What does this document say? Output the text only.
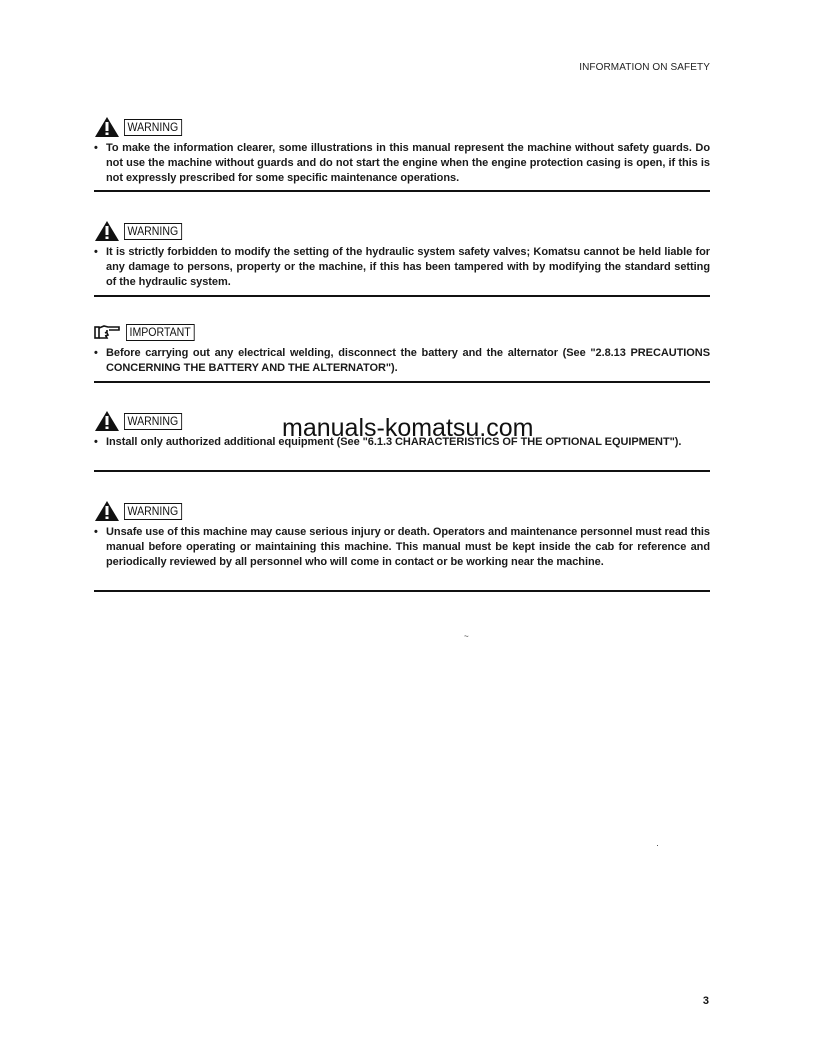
INFORMATION ON SAFETY
WARNING
• To make the information clearer, some illustrations in this manual represent the machine without safety guards. Do not use the machine without guards and do not start the engine when the engine protection casing is open, if this is not expressly prescribed for some specific maintenance operations.
WARNING
• It is strictly forbidden to modify the setting of the hydraulic system safety valves; Komatsu cannot be held liable for any damage to persons, property or the machine, if this has been tampered with by modifying the standard setting of the hydraulic system.
IMPORTANT
• Before carrying out any electrical welding, disconnect the battery and the alternator (See "2.8.13 PRECAUTIONS CONCERNING THE BATTERY AND THE ALTERNATOR").
WARNING
• Install only authorized additional equipment (See "6.1.3 CHARACTERISTICS OF THE OPTIONAL EQUIPMENT").
WARNING
• Unsafe use of this machine may cause serious injury or death. Operators and maintenance personnel must read this manual before operating or maintaining this machine. This manual must be kept inside the cab for reference and periodically reviewed by all personnel who will come in contact or be working near the machine.
manuals-komatsu.com
~
3
